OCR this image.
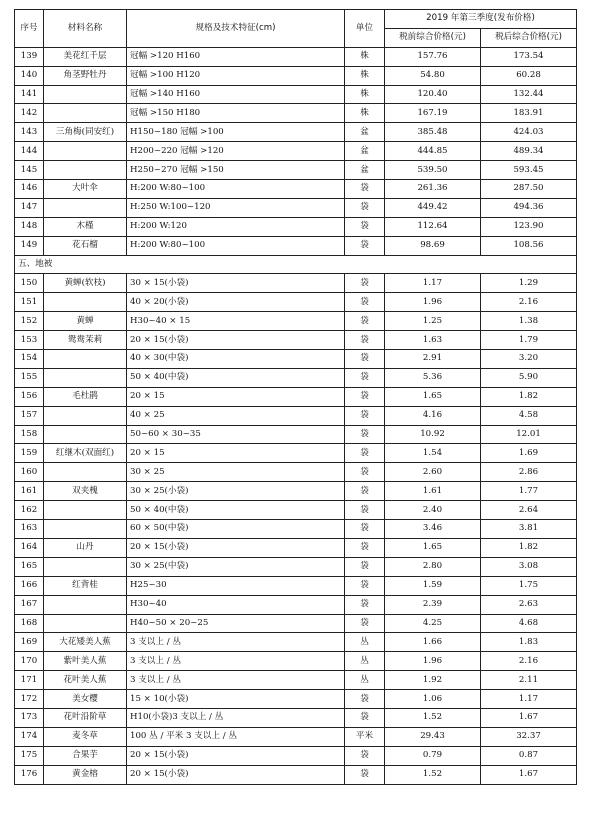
序号	材料名称	规格及技术特征(cm)	单位	2019 年第三季度(发布价格)	
				税前综合价格(元)	税后综合价格(元)
139	美花红千层	冠幅 >120 H160	株	157.76	173.54
140	角茎野牡丹	冠幅 >100 H120	株	54.80	60.28
141		冠幅 >140 H160	株	120.40	132.44
142		冠幅 >150 H180	株	167.19	183.91
143	三角梅(同安红)	H150~180 冠幅 >100	盆	385.48	424.03
144		H200~220 冠幅 >120	盆	444.85	489.34
145		H250~270 冠幅 >150	盆	539.50	593.45
146	大叶伞	H:200 W:80~100	袋	261.36	287.50
147		H:250 W:100~120	袋	449.42	494.36
148	木槿	H:200 W:120	袋	112.64	123.90
149	花石榴	H:200 W:80~100	袋	98.69	108.56
五、地被					
150	黄蝉(软枝)	30 × 15(小袋)	袋	1.17	1.29
151		40 × 20(小袋)	袋	1.96	2.16
152	黄蝉	H30~40 × 15	袋	1.25	1.38
153	鸳鸯茉莉	20 × 15(小袋)	袋	1.63	1.79
154		40 × 30(中袋)	袋	2.91	3.20
155		50 × 40(中袋)	袋	5.36	5.90
156	毛杜鹃	20 × 15	袋	1.65	1.82
157		40 × 25	袋	4.16	4.58
158		50~60 × 30~35	袋	10.92	12.01
159	红继木(双面红)	20 × 15	袋	1.54	1.69
160		30 × 25	袋	2.60	2.86
161	双夹槐	30 × 25(小袋)	袋	1.61	1.77
162		50 × 40(中袋)	袋	2.40	2.64
163		60 × 50(中袋)	袋	3.46	3.81
164	山丹	20 × 15(小袋)	袋	1.65	1.82
165		30 × 25(中袋)	袋	2.80	3.08
166	红背桂	H25~30	袋	1.59	1.75
167		H30~40	袋	2.39	2.63
168		H40~50 × 20~25	袋	4.25	4.68
169	大花矮美人蕉	3 支以上 / 丛	丛	1.66	1.83
170	紫叶美人蕉	3 支以上 / 丛	丛	1.96	2.16
171	花叶美人蕉	3 支以上 / 丛	丛	1.92	2.11
172	美女樱	15 × 10(小袋)	袋	1.06	1.17
173	花叶沿阶草	H10(小袋)3 支以上 / 丛	袋	1.52	1.67
174	麦冬草	100 丛 / 平米 3 支以上 / 丛	平米	29.43	32.37
175	合果芋	20 × 15(小袋)	袋	0.79	0.87
176	黄金榕	20 × 15(小袋)	袋	1.52	1.67
